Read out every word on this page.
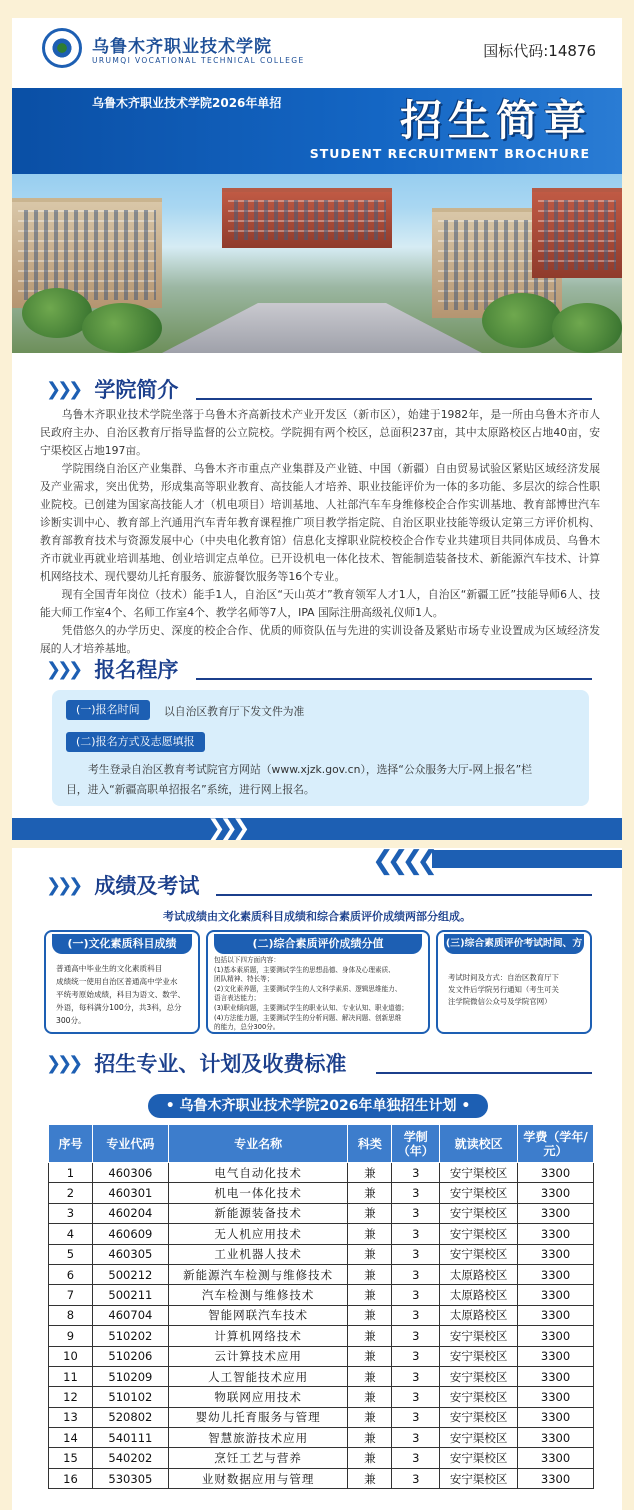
乌鲁木齐职业技术学院
URUMQI VOCATIONAL TECHNICAL COLLEGE
国标代码:14876
乌鲁木齐职业技术学院2026年单招	招生简章
STUDENT RECRUITMENT BROCHURE
❯❯❯ 学院简介

乌鲁木齐职业技术学院坐落于乌鲁木齐高新技术产业开发区（新市区），始建于1982年，是一所由乌鲁木齐市人民政府主办、自治区教育厅指导监督的公立院校。学院拥有两个校区，总面积237亩，其中太原路校区占地40亩，安宁渠校区占地197亩。

学院围绕自治区产业集群、乌鲁木齐市重点产业集群及产业链、中国（新疆）自由贸易试验区紧贴区域经济发展及产业需求，突出优势，形成集高等职业教育、高技能人才培养、职业技能评价为一体的多功能、多层次的综合性职业院校。已创建为国家高技能人才（机电项目）培训基地、人社部汽车车身维修校企合作实训基地、教育部博世汽车诊断实训中心、教育部上汽通用汽车青年教育课程推广项目教学指定院、自治区职业技能等级认定第三方评价机构、教育部教育技术与资源发展中心（中央电化教育馆）信息化支撑职业院校校企合作专业共建项目共同体成员、乌鲁木齐市就业再就业培训基地、创业培训定点单位。已开设机电一体化技术、智能制造装备技术、新能源汽车技术、计算机网络技术、现代婴幼儿托育服务、旅游餐饮服务等16个专业。

现有全国青年岗位（技术）能手1人，自治区“天山英才”教育领军人才1人，自治区“新疆工匠”技能导师6人、技能大师工作室4个、名师工作室4个、教学名师等7人，IPA 国际注册高级礼仪师1人。

凭借悠久的办学历史、深度的校企合作、优质的师资队伍与先进的实训设备及紧贴市场专业设置成为区域经济发展的人才培养基地。

❯❯❯ 报名程序
(一)报名时间	以自治区教育厅下发文件为准
(二)报名方式及志愿填报
考生登录自治区教育考试院官方网站（www.xjzk.gov.cn），选择“公众服务大厅-网上报名”栏
目，进入“新疆高职单招报名”系统，进行网上报名。
❯❯❯
❮❮❮❮
❯❯❯ 成绩及考试
考试成绩由文化素质科目成绩和综合素质评价成绩两部分组成。
(一)文化素质科目成绩
普通高中毕业生的文化素质科目
成绩统一使用自治区普通高中学业水
平统考原始成绩，科目为语文、数学、
外语，每科满分100分，共3科，总分
300分。
(二)综合素质评价成绩分值
包括以下四方面内容：
(1)基本素质题，主要测试学生的思想品德、身体及心理素质、
团队精神、特长等；
(2)文化素养题，主要测试学生的人文科学素质、逻辑思维能力、
语言表达能力；
(3)职业倾向题，主要测试学生的职业认知、专业认知、职业道德；
(4)方法能力题，主要测试学生的分析问题、解决问题、创新思维
的能力，总分300分。
(三)综合素质评价考试时间、方式
考试时间及方式：自治区教育厅下
发文件后学院另行通知（考生可关
注学院微信公众号及学院官网）
❯❯❯ 招生专业、计划及收费标准
• 乌鲁木齐职业技术学院2026年单独招生计划 •
序号	专业代码	专业名称	科类	学制（年）	就读校区	学费（学年/元）
1	460306	电气自动化技术	兼	3	安宁渠校区	3300
2	460301	机电一体化技术	兼	3	安宁渠校区	3300
3	460204	新能源装备技术	兼	3	安宁渠校区	3300
4	460609	无人机应用技术	兼	3	安宁渠校区	3300
5	460305	工业机器人技术	兼	3	安宁渠校区	3300
6	500212	新能源汽车检测与维修技术	兼	3	太原路校区	3300
7	500211	汽车检测与维修技术	兼	3	太原路校区	3300
8	460704	智能网联汽车技术	兼	3	太原路校区	3300
9	510202	计算机网络技术	兼	3	安宁渠校区	3300
10	510206	云计算技术应用	兼	3	安宁渠校区	3300
11	510209	人工智能技术应用	兼	3	安宁渠校区	3300
12	510102	物联网应用技术	兼	3	安宁渠校区	3300
13	520802	婴幼儿托育服务与管理	兼	3	安宁渠校区	3300
14	540111	智慧旅游技术应用	兼	3	安宁渠校区	3300
15	540202	烹饪工艺与营养	兼	3	安宁渠校区	3300
16	530305	业财数据应用与管理	兼	3	安宁渠校区	3300
